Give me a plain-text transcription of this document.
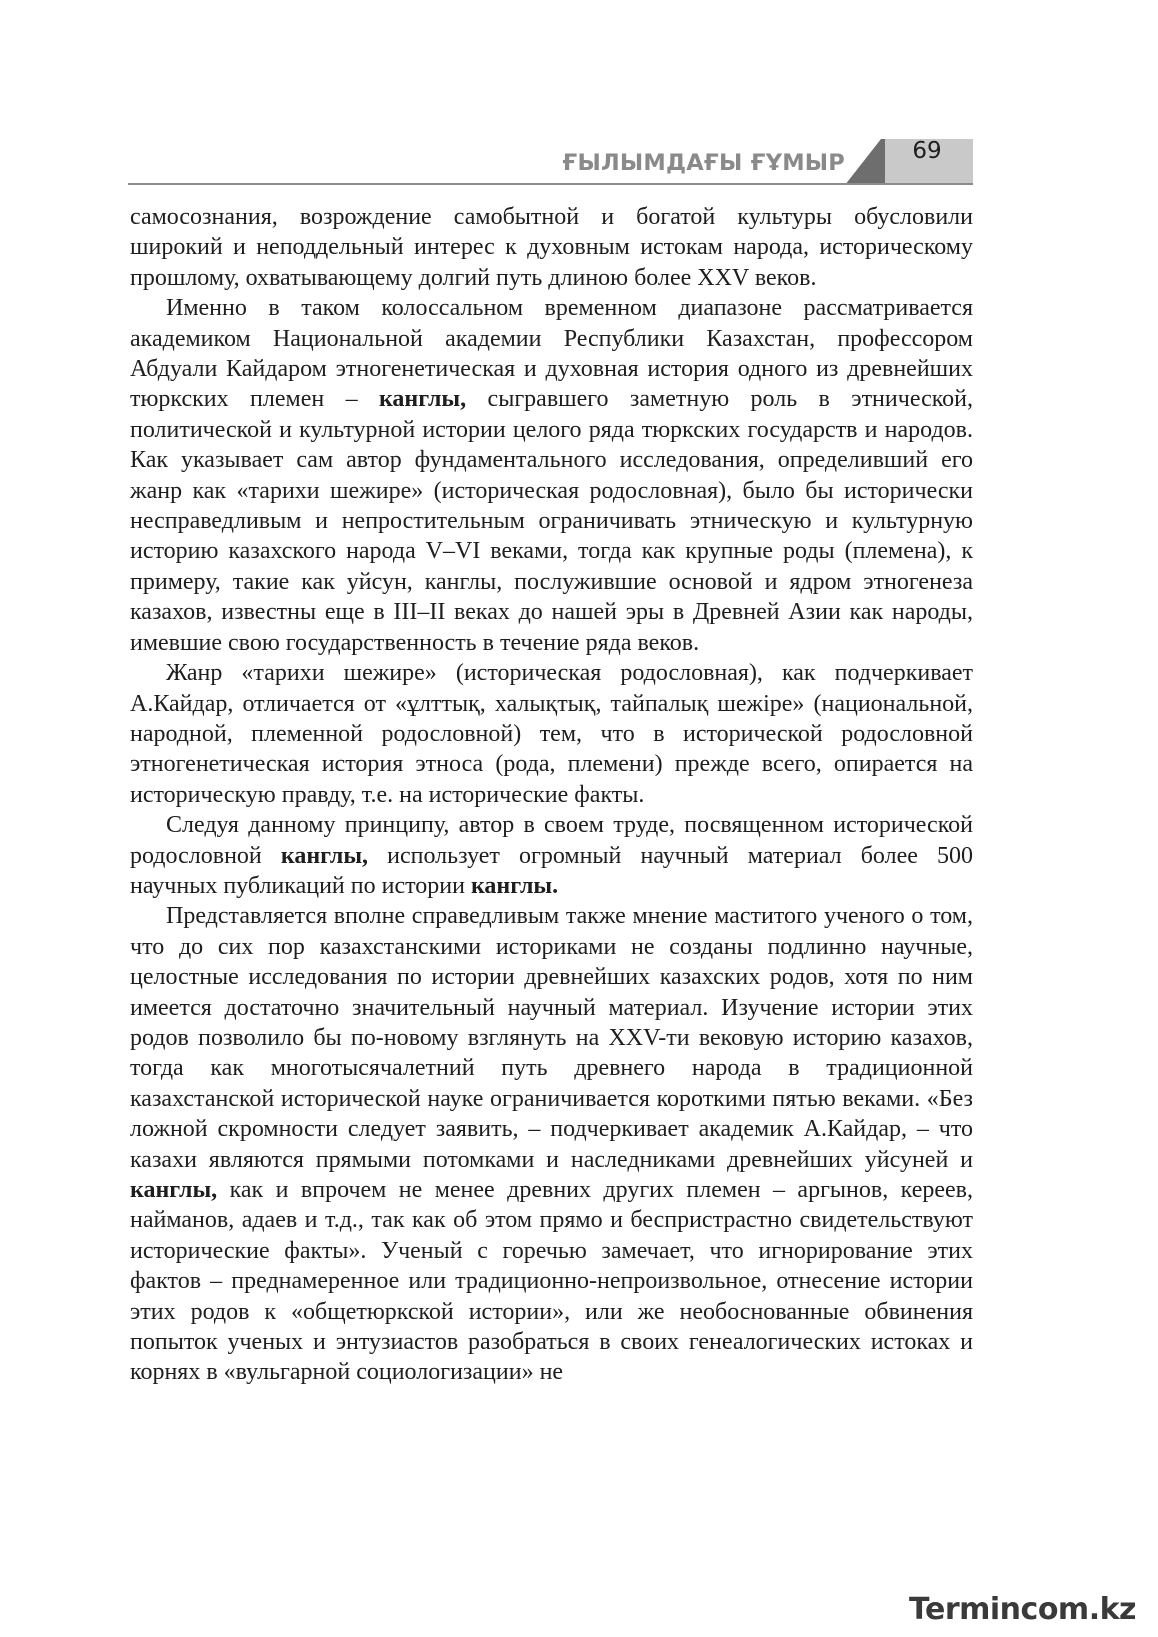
ҒЫЛЫМДАҒЫ ҒҰМЫР	69

самосознания, возрождение самобытной и богатой культуры обусловили широкий и неподдельный интерес к духовным истокам народа, историческому прошлому, охватывающему долгий путь длиною более XXV веков.

Именно в таком колоссальном временном диапазоне рассматривается академиком Национальной академии Республики Казахстан, профессором Абдуали Кайдаром этногенетическая и духовная история одного из древнейших тюркских племен – канглы, сыгравшего заметную роль в этнической, политической и культурной истории целого ряда тюркских государств и народов. Как указывает сам автор фундаментального исследования, определивший его жанр как «тарихи шежире» (историческая родословная), было бы исторически несправедливым и непростительным ограничивать этническую и культурную историю казахского народа V–VI веками, тогда как крупные роды (племена), к примеру, такие как уйсун, канглы, послужившие основой и ядром этногенеза казахов, известны еще в III–II веках до нашей эры в Древней Азии как народы, имевшие свою государственность в течение ряда веков.

Жанр «тарихи шежире» (историческая родословная), как подчеркивает А.Кайдар, отличается от «ұлттық, халықтық, тайпалық шежіре» (национальной, народной, племенной родословной) тем, что в исторической родословной этногенетическая история этноса (рода, племени) прежде всего, опирается на историческую правду, т.е. на исторические факты.

Следуя данному принципу, автор в своем труде, посвященном исторической родословной канглы, использует огромный научный материал более 500 научных публикаций по истории канглы.

Представляется вполне справедливым также мнение маститого ученого о том, что до сих пор казахстанскими историками не созданы подлинно научные, целостные исследования по истории древнейших казахских родов, хотя по ним имеется достаточно значительный научный материал. Изучение истории этих родов позволило бы по-новому взглянуть на XXV-ти вековую историю казахов, тогда как многотысячалетний путь древнего народа в традиционной казахстанской исторической науке ограничивается короткими пятью веками. «Без ложной скромности следует заявить, – подчеркивает академик А.Кайдар, – что казахи являются прямыми потомками и наследниками древнейших уйсуней и канглы, как и впрочем не менее древних других племен – аргынов, кереев, найманов, адаев и т.д., так как об этом прямо и беспристрастно свидетельствуют исторические факты». Ученый с горечью замечает, что игнорирование этих фактов – преднамеренное или традиционно-непроизвольное, отнесение истории этих родов к «общетюркской истории», или же необоснованные обвинения попыток ученых и энтузиастов разобраться в своих генеалогических истоках и корнях в «вульгарной социологизации» не

Termincom.kz
